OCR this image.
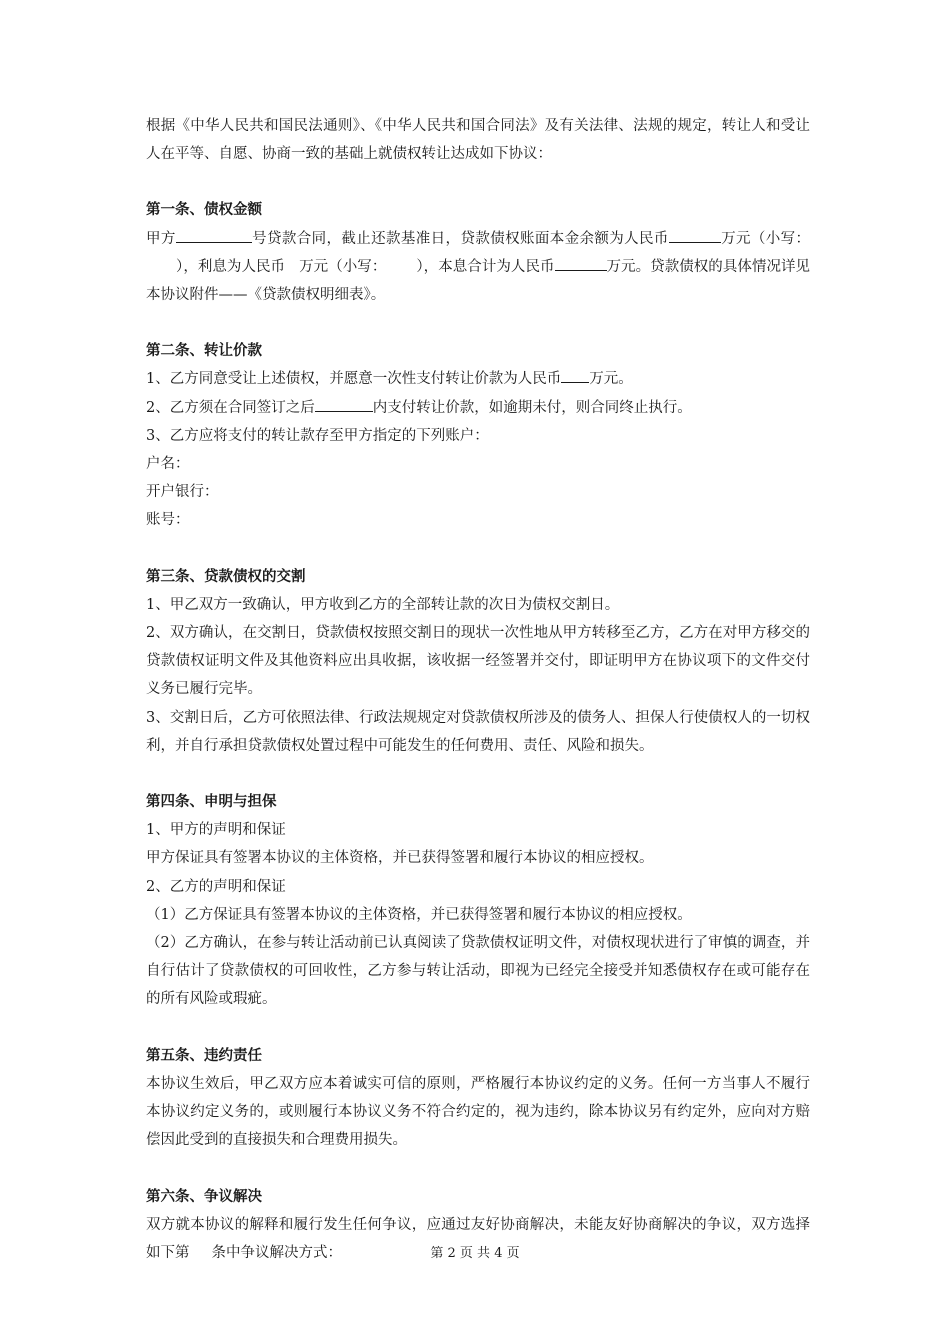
根据《中华人民共和国民法通则》、《中华人民共和国合同法》及有关法律、法规的规定，转让人和受让人在平等、自愿、协商一致的基础上就债权转让达成如下协议：

第一条、债权金额

甲方	号贷款合同，截止还款基准日，贷款债权账面本金余额为人民币	万元（小写：），利息为人民币 万元（小写： ），本息合计为人民币	万元。贷款债权的具体情况详见本协议附件——《贷款债权明细表》。

第二条、转让价款

1、乙方同意受让上述债权，并愿意一次性支付转让价款为人民币 万元。

2、乙方须在合同签订之后	内支付转让价款，如逾期未付，则合同终止执行。

3、乙方应将支付的转让款存至甲方指定的下列账户：

户名：

开户银行：

账号：

第三条、贷款债权的交割

1、甲乙双方一致确认，甲方收到乙方的全部转让款的次日为债权交割日。

2、双方确认，在交割日，贷款债权按照交割日的现状一次性地从甲方转移至乙方，乙方在对甲方移交的贷款债权证明文件及其他资料应出具收据，该收据一经签署并交付，即证明甲方在协议项下的文件交付义务已履行完毕。

3、交割日后，乙方可依照法律、行政法规规定对贷款债权所涉及的债务人、担保人行使债权人的一切权利，并自行承担贷款债权处置过程中可能发生的任何费用、责任、风险和损失。

第四条、申明与担保

1、甲方的声明和保证

甲方保证具有签署本协议的主体资格，并已获得签署和履行本协议的相应授权。

2、乙方的声明和保证

（1）乙方保证具有签署本协议的主体资格，并已获得签署和履行本协议的相应授权。

（2）乙方确认，在参与转让活动前已认真阅读了贷款债权证明文件，对债权现状进行了审慎的调查，并自行估计了贷款债权的可回收性，乙方参与转让活动，即视为已经完全接受并知悉债权存在或可能存在的所有风险或瑕疵。

第五条、违约责任

本协议生效后，甲乙双方应本着诚实可信的原则，严格履行本协议约定的义务。任何一方当事人不履行本协议约定义务的，或则履行本协议义务不符合约定的，视为违约，除本协议另有约定外，应向对方赔偿因此受到的直接损失和合理费用损失。

第六条、争议解决

双方就本协议的解释和履行发生任何争议，应通过友好协商解决，未能友好协商解决的争议，双方选择如下第 条中争议解决方式：	第 2 页 共 4 页
